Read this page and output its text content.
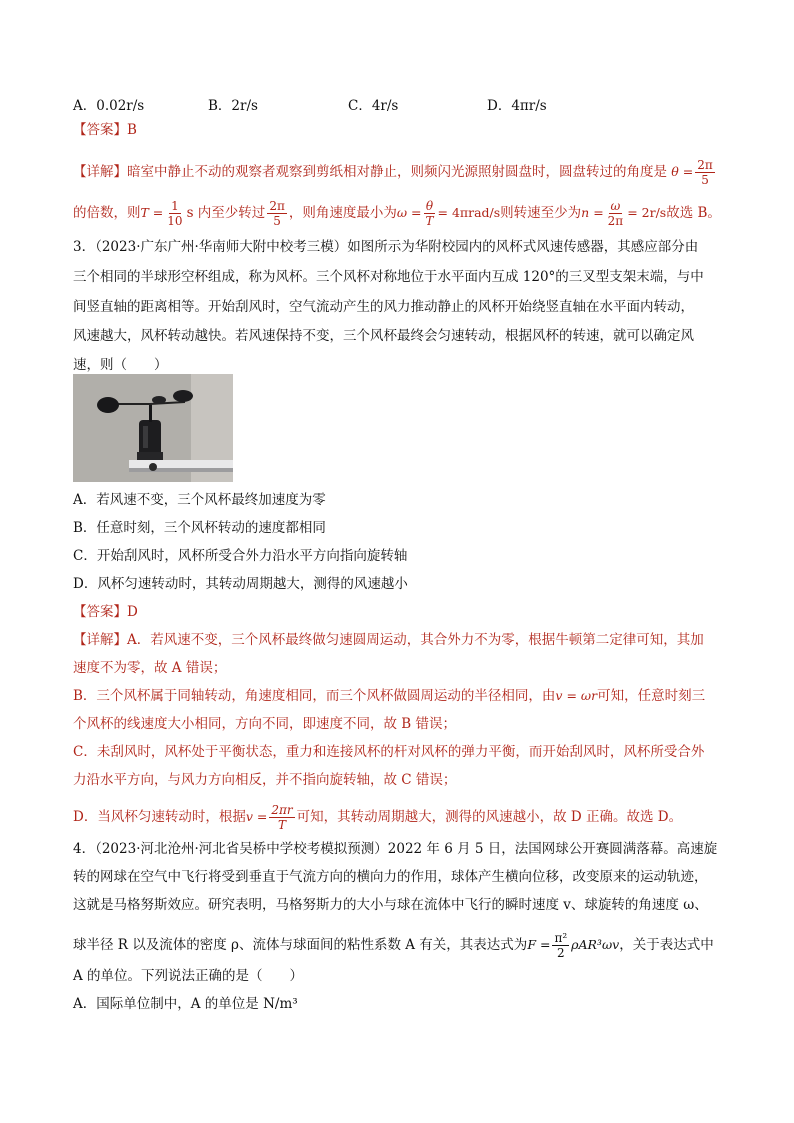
A．0.02r/s	B．2r/s	C．4r/s	D．4πr/s
【答案】B
【详解】暗室中静止不动的观察者观察到剪纸相对静止，则频闪光源照射圆盘时，圆盘转过的角度是 $\theta = \frac{2\pi}{5}$
的倍数，则$T = \frac{1}{10}$ s 内至少转过 $\frac{2\pi}{5}$ ，则角速度最小为$\omega = \frac{\theta}{T} = 4\pi rad/s$则转速至少为$n = \frac{\omega}{2\pi} = 2r/s$故选 B。
3．（2023·广东广州·华南师大附中校考三模）如图所示为华附校园内的风杯式风速传感器，其感应部分由
三个相同的半球形空杯组成，称为风杯。三个风杯对称地位于水平面内互成 120°的三叉型支架末端，与中
间竖直轴的距离相等。开始刮风时，空气流动产生的风力推动静止的风杯开始绕竖直轴在水平面内转动，
风速越大，风杯转动越快。若风速保持不变，三个风杯最终会匀速转动，根据风杯的转速，就可以确定风
速，则（　　）
A．若风速不变，三个风杯最终加速度为零
B．任意时刻，三个风杯转动的速度都相同
C．开始刮风时，风杯所受合外力沿水平方向指向旋转轴
D．风杯匀速转动时，其转动周期越大，测得的风速越小
【答案】D
【详解】A．若风速不变，三个风杯最终做匀速圆周运动，其合外力不为零，根据牛顿第二定律可知，其加
速度不为零，故 A 错误；
B．三个风杯属于同轴转动，角速度相同，而三个风杯做圆周运动的半径相同，由v = ωr可知，任意时刻三
个风杯的线速度大小相同，方向不同，即速度不同，故 B 错误；
C．未刮风时，风杯处于平衡状态，重力和连接风杯的杆对风杯的弹力平衡，而开始刮风时，风杯所受合外
力沿水平方向，与风力方向相反，并不指向旋转轴，故 C 错误；
D．当风杯匀速转动时，根据$v = \frac{2\pi r}{T}$ 可知，其转动周期越大，测得的风速越小，故 D 正确。故选 D。
4．（2023·河北沧州·河北省吴桥中学校考模拟预测）2022 年 6 月 5 日，法国网球公开赛圆满落幕。高速旋
转的网球在空气中飞行将受到垂直于气流方向的横向力的作用，球体产生横向位移，改变原来的运动轨迹，
这就是马格努斯效应。研究表明，马格努斯力的大小与球在流体中飞行的瞬时速度 v、球旋转的角速度 ω、
球半径 R 以及流体的密度 ρ、流体与球面间的粘性系数 A 有关，其表达式为$F = \frac{\text{π²}}{2} \rho AR^3\omega v$，关于表达式中
A 的单位。下列说法正确的是（　　）
A．国际单位制中，A 的单位是 N/m³
